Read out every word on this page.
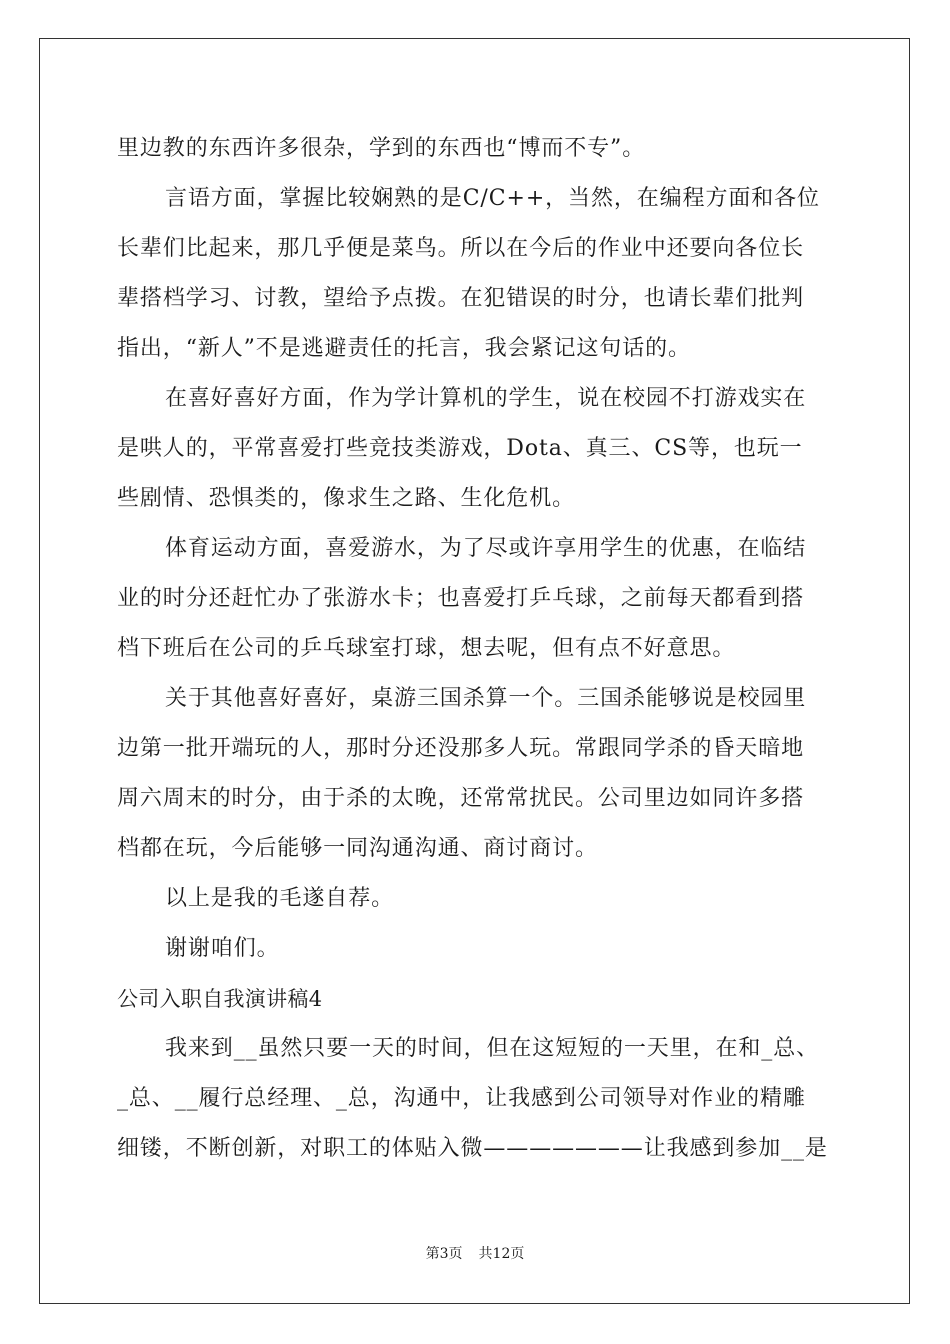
里边教的东西许多很杂，学到的东西也“博而不专”。
言语方面，掌握比较娴熟的是C/C++，当然，在编程方面和各位
长辈们比起来，那几乎便是菜鸟。所以在今后的作业中还要向各位长
辈搭档学习、讨教，望给予点拨。在犯错误的时分，也请长辈们批判
指出，“新人”不是逃避责任的托言，我会紧记这句话的。
在喜好喜好方面，作为学计算机的学生，说在校园不打游戏实在
是哄人的，平常喜爱打些竞技类游戏，Dota、真三、CS等，也玩一
些剧情、恐惧类的，像求生之路、生化危机。
体育运动方面，喜爱游水，为了尽或许享用学生的优惠，在临结
业的时分还赶忙办了张游水卡；也喜爱打乒乓球，之前每天都看到搭
档下班后在公司的乒乓球室打球，想去呢，但有点不好意思。
关于其他喜好喜好，桌游三国杀算一个。三国杀能够说是校园里
边第一批开端玩的人，那时分还没那多人玩。常跟同学杀的昏天暗地
周六周末的时分，由于杀的太晚，还常常扰民。公司里边如同许多搭
档都在玩，今后能够一同沟通沟通、商讨商讨。
以上是我的毛遂自荐。
谢谢咱们。
公司入职自我演讲稿4
我来到__虽然只要一天的时间，但在这短短的一天里，在和_总、
_总、__履行总经理、_总，沟通中，让我感到公司领导对作业的精雕
细镂，不断创新，对职工的体贴入微———————让我感到参加__是
第3页 共12页
